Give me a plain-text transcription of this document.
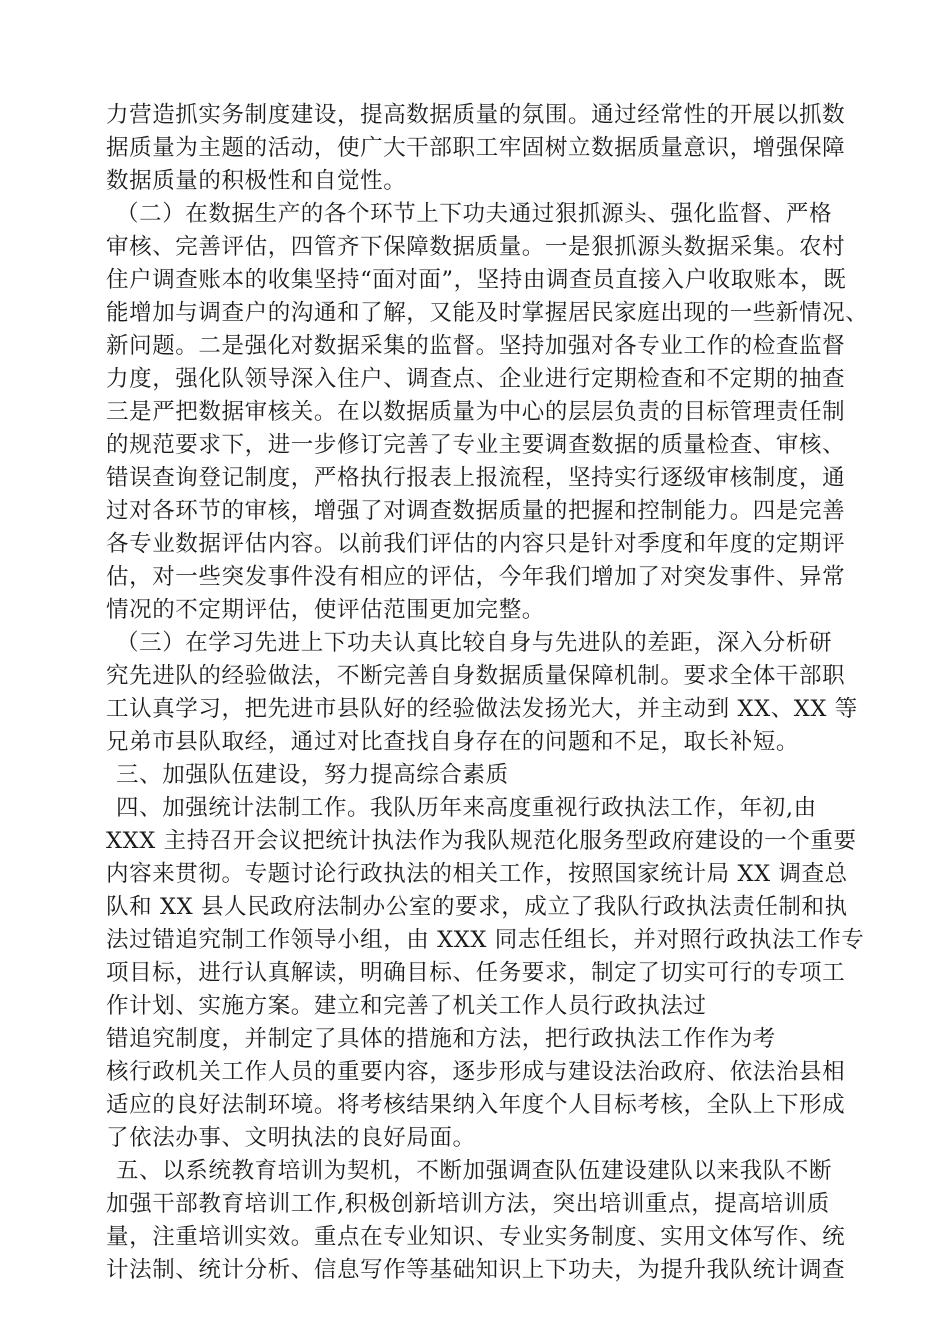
力营造抓实务制度建设，提高数据质量的氛围。通过经常性的开展以抓数
据质量为主题的活动，使广大干部职工牢固树立数据质量意识，增强保障
数据质量的积极性和自觉性。
（二）在数据生产的各个环节上下功夫通过狠抓源头、强化监督、严格
审核、完善评估，四管齐下保障数据质量。一是狠抓源头数据采集。农村
住户调查账本的收集坚持“面对面”，坚持由调查员直接入户收取账本，既
能增加与调查户的沟通和了解，又能及时掌握居民家庭出现的一些新情况、
新问题。二是强化对数据采集的监督。坚持加强对各专业工作的检查监督
力度，强化队领导深入住户、调查点、企业进行定期检查和不定期的抽查
三是严把数据审核关。在以数据质量为中心的层层负责的目标管理责任制
的规范要求下，进一步修订完善了专业主要调查数据的质量检查、审核、
错误查询登记制度，严格执行报表上报流程，坚持实行逐级审核制度，通
过对各环节的审核，增强了对调查数据质量的把握和控制能力。四是完善
各专业数据评估内容。以前我们评估的内容只是针对季度和年度的定期评
估，对一些突发事件没有相应的评估，今年我们增加了对突发事件、异常
情况的不定期评估，使评估范围更加完整。
（三）在学习先进上下功夫认真比较自身与先进队的差距，深入分析研
究先进队的经验做法，不断完善自身数据质量保障机制。要求全体干部职
工认真学习，把先进市县队好的经验做法发扬光大，并主动到 XX、XX 等
兄弟市县队取经，通过对比查找自身存在的问题和不足，取长补短。
三、加强队伍建设，努力提高综合素质
四、加强统计法制工作。我队历年来高度重视行政执法工作，年初,由
XXX 主持召开会议把统计执法作为我队规范化服务型政府建设的一个重要
内容来贯彻。专题讨论行政执法的相关工作，按照国家统计局 XX 调查总
队和 XX 县人民政府法制办公室的要求，成立了我队行政执法责任制和执
法过错追究制工作领导小组，由 XXX 同志任组长，并对照行政执法工作专
项目标，进行认真解读，明确目标、任务要求，制定了切实可行的专项工
作计划、实施方案。建立和完善了机关工作人员行政执法过
错追究制度，并制定了具体的措施和方法，把行政执法工作作为考
核行政机关工作人员的重要内容，逐步形成与建设法治政府、依法治县相
适应的良好法制环境。将考核结果纳入年度个人目标考核，全队上下形成
了依法办事、文明执法的良好局面。
五、以系统教育培训为契机，不断加强调查队伍建设建队以来我队不断
加强干部教育培训工作,积极创新培训方法，突出培训重点，提高培训质
量，注重培训实效。重点在专业知识、专业实务制度、实用文体写作、统
计法制、统计分析、信息写作等基础知识上下功夫，为提升我队统计调查
